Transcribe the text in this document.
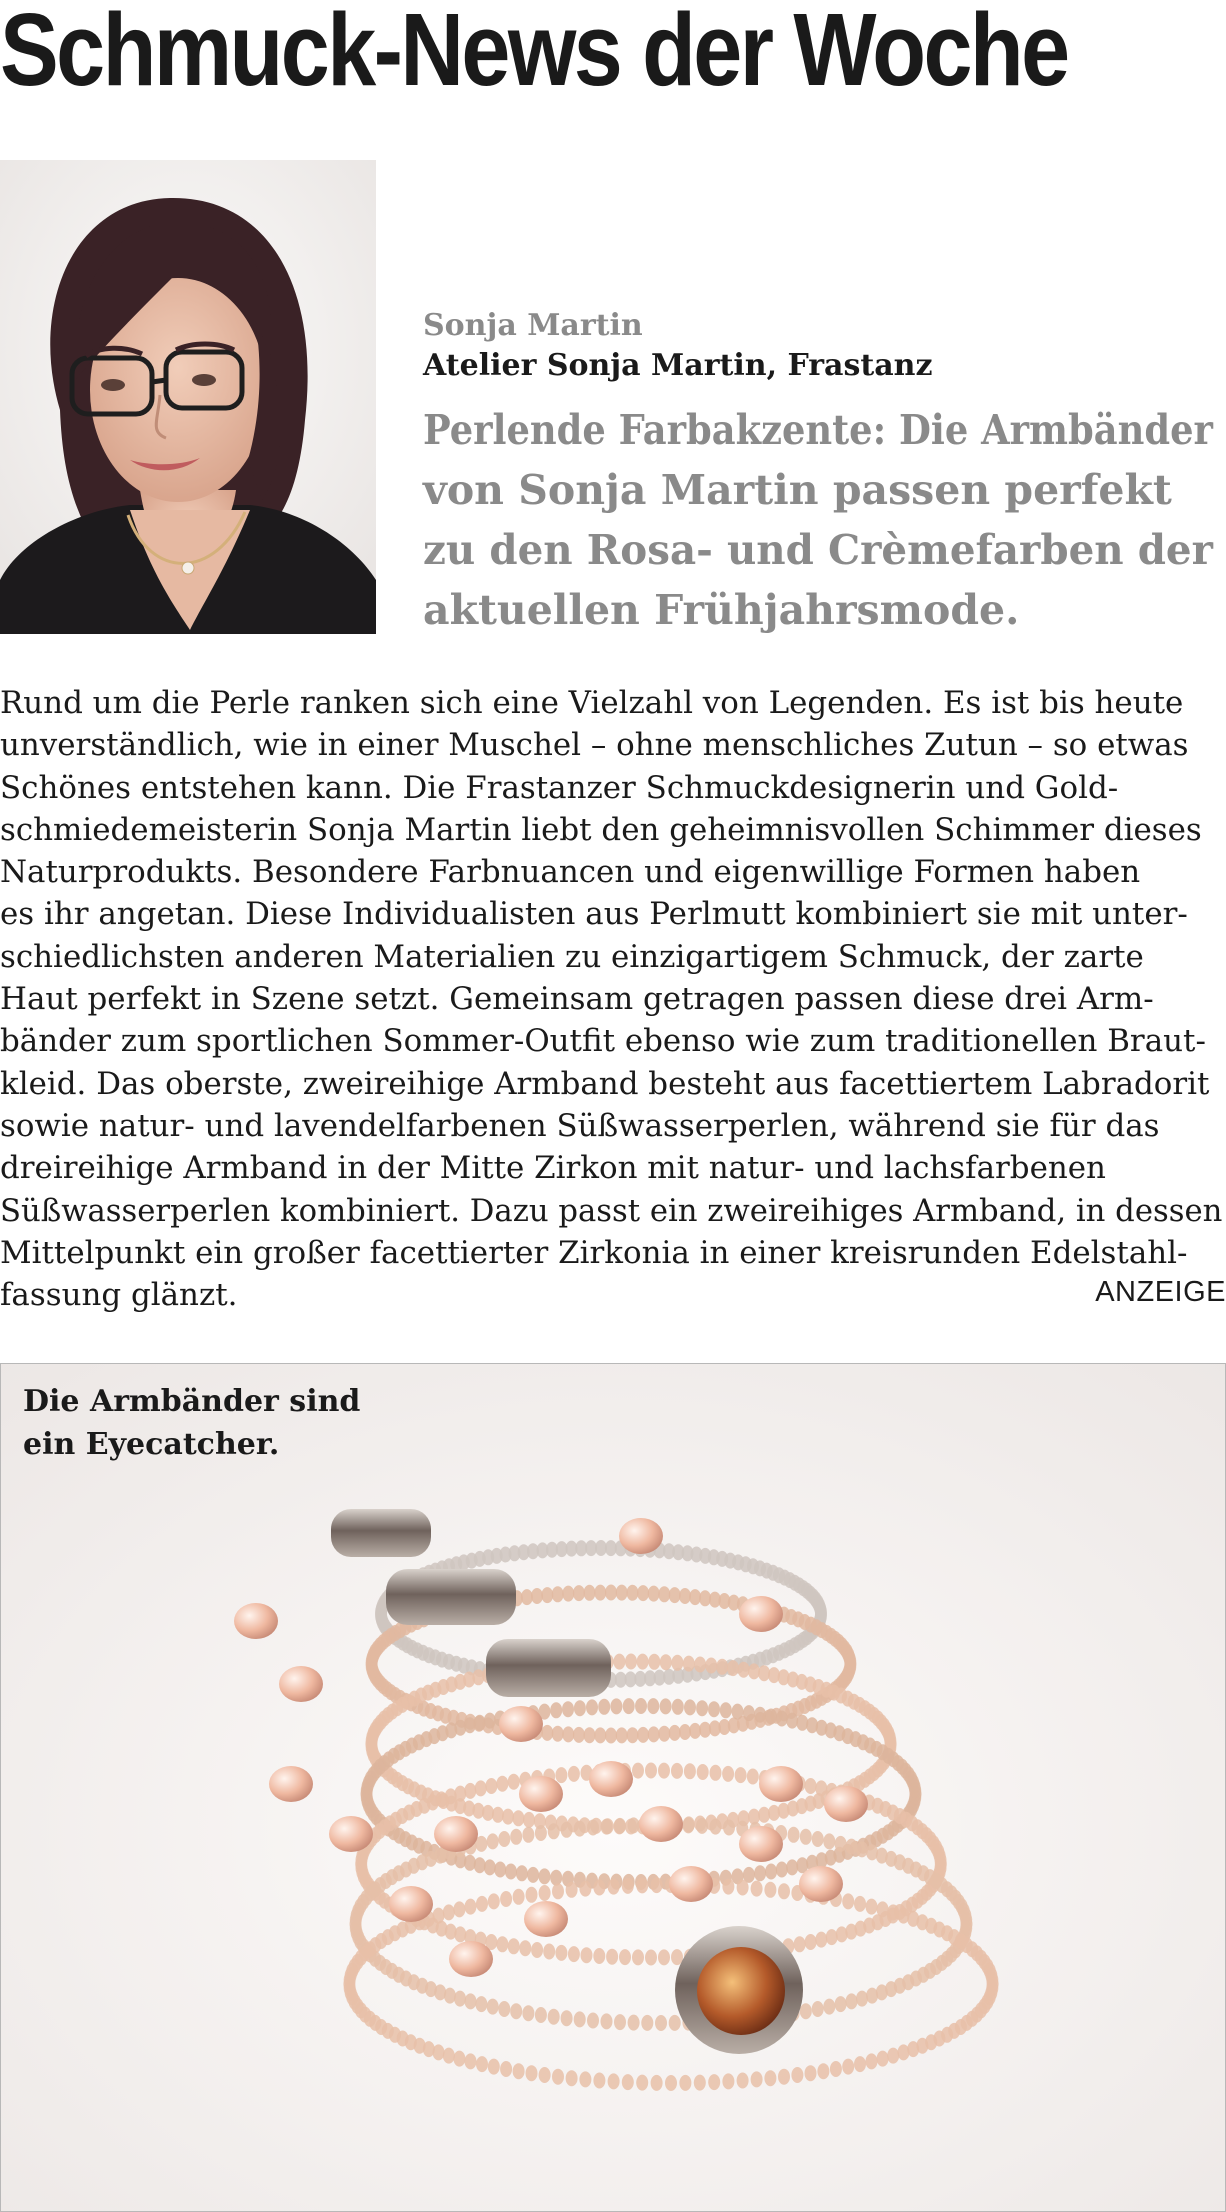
Schmuck-News der Woche
Sonja Martin
Atelier Sonja Martin, Frastanz
Perlende Farbakzente: Die Armbänder
von Sonja Martin passen perfekt
zu den Rosa- und Crèmefarben der
aktuellen Frühjahrsmode.
Rund um die Perle ranken sich eine Vielzahl von Legenden. Es ist bis heute
unverständlich, wie in einer Muschel – ohne menschliches Zutun – so etwas
Schönes entstehen kann. Die Frastanzer Schmuckdesignerin und Gold-
schmiedemeisterin Sonja Martin liebt den geheimnisvollen Schimmer dieses
Naturprodukts. Besondere Farbnuancen und eigenwillige Formen haben
es ihr angetan. Diese Individualisten aus Perlmutt kombiniert sie mit unter-
schiedlichsten anderen Materialien zu einzigartigem Schmuck, der zarte
Haut perfekt in Szene setzt. Gemeinsam getragen passen diese drei Arm-
bänder zum sportlichen Sommer-Outfit ebenso wie zum traditionellen Braut-
kleid. Das oberste, zweireihige Armband besteht aus facettiertem Labradorit
sowie natur- und lavendelfarbenen Süßwasserperlen, während sie für das
dreireihige Armband in der Mitte Zirkon mit natur- und lachsfarbenen
Süßwasserperlen kombiniert. Dazu passt ein zweireihiges Armband, in dessen
Mittelpunkt ein großer facettierter Zirkonia in einer kreisrunden Edelstahl-
fassung glänzt.	ANZEIGE
Die Armbänder sind
ein Eyecatcher.
